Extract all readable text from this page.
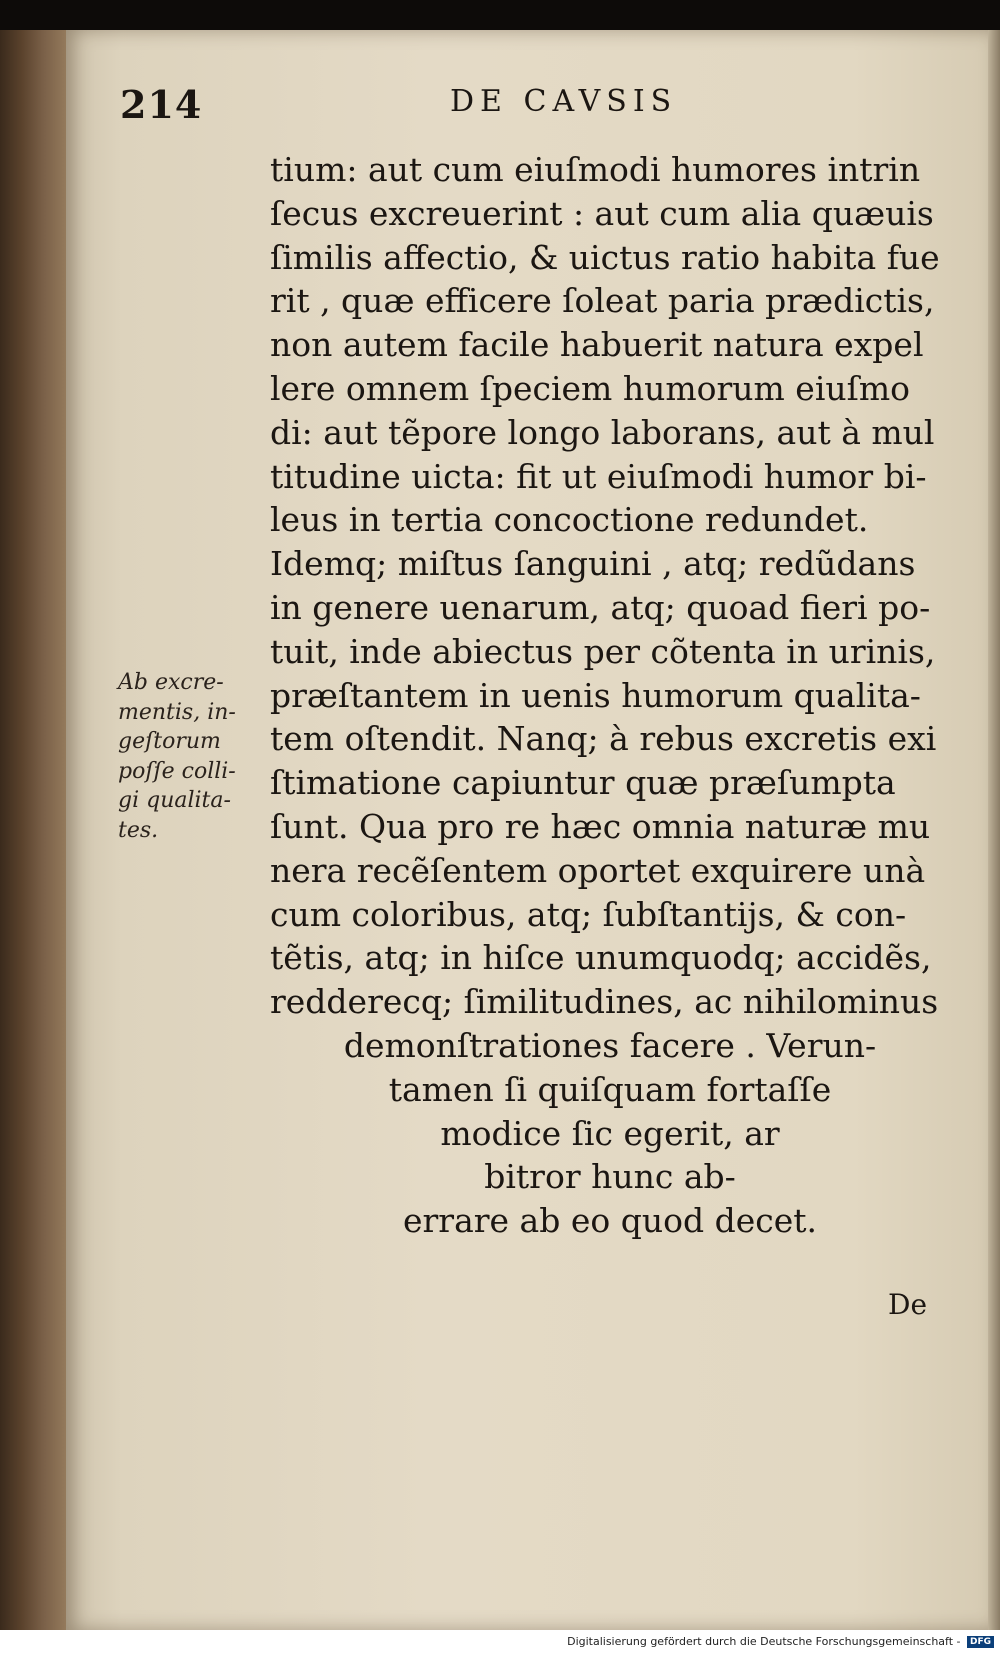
214	DE CAVSIS
tium: aut cum eiuſmodi humores intrin
ſecus excreuerint : aut cum alia quæuis
ſimilis affectio, & uictus ratio habita fue
rit , quæ efficere ſoleat paria prædictis,
non autem facile habuerit natura expel
lere omnem ſpeciem humorum eiuſmo
di: aut tẽpore longo laborans, aut à mul
titudine uicta: fit ut eiuſmodi humor bi-
leus in tertia concoctione redundet.
Idemq; miſtus ſanguini , atq; redũdans
in genere uenarum, atq; quoad fieri po-
tuit, inde abiectus per cõtenta in urinis,
præſtantem in uenis humorum qualita-
tem oſtendit. Nanq; à rebus excretis exi
ſtimatione capiuntur quæ præſumpta
ſunt. Qua pro re hæc omnia naturæ mu
nera recẽſentem oportet exquirere unà
cum coloribus, atq; ſubſtantijs, & con-
tẽtis, atq; in hiſce unumquodq; accidẽs,
redderecq; ſimilitudines, ac nihilominus
demonſtrationes facere . Verun-
tamen ſi quiſquam fortaſſe
modice ſic egerit, ar
bitror hunc ab-
errare ab eo quod decet.
Ab excre-
mentis, in-
geſtorum
poſſe colli-
gi qualita-
tes.
De
Digitalisierung gefördert durch die Deutsche Forschungsgemeinschaft - DFG
